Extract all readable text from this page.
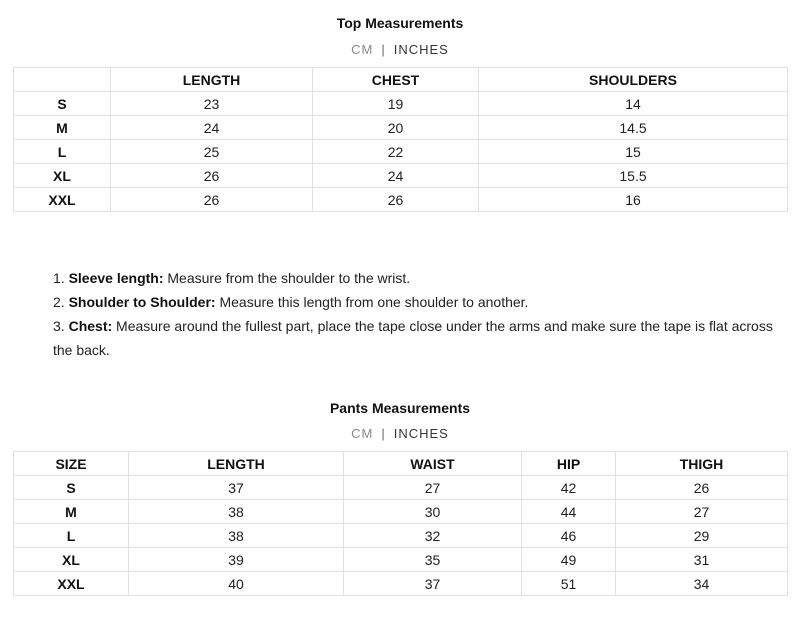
Top Measurements
CM | INCHES
	LENGTH	CHEST	SHOULDERS
S	23	19	14
M	24	20	14.5
L	25	22	15
XL	26	24	15.5
XXL	26	26	16

1. Sleeve length: Measure from the shoulder to the wrist.

2. Shoulder to Shoulder: Measure this length from one shoulder to another.

3. Chest: Measure around the fullest part, place the tape close under the arms and make sure the tape is flat across the back.

Pants Measurements
CM | INCHES
SIZE	LENGTH	WAIST	HIP	THIGH
S	37	27	42	26
M	38	30	44	27
L	38	32	46	29
XL	39	35	49	31
XXL	40	37	51	34
